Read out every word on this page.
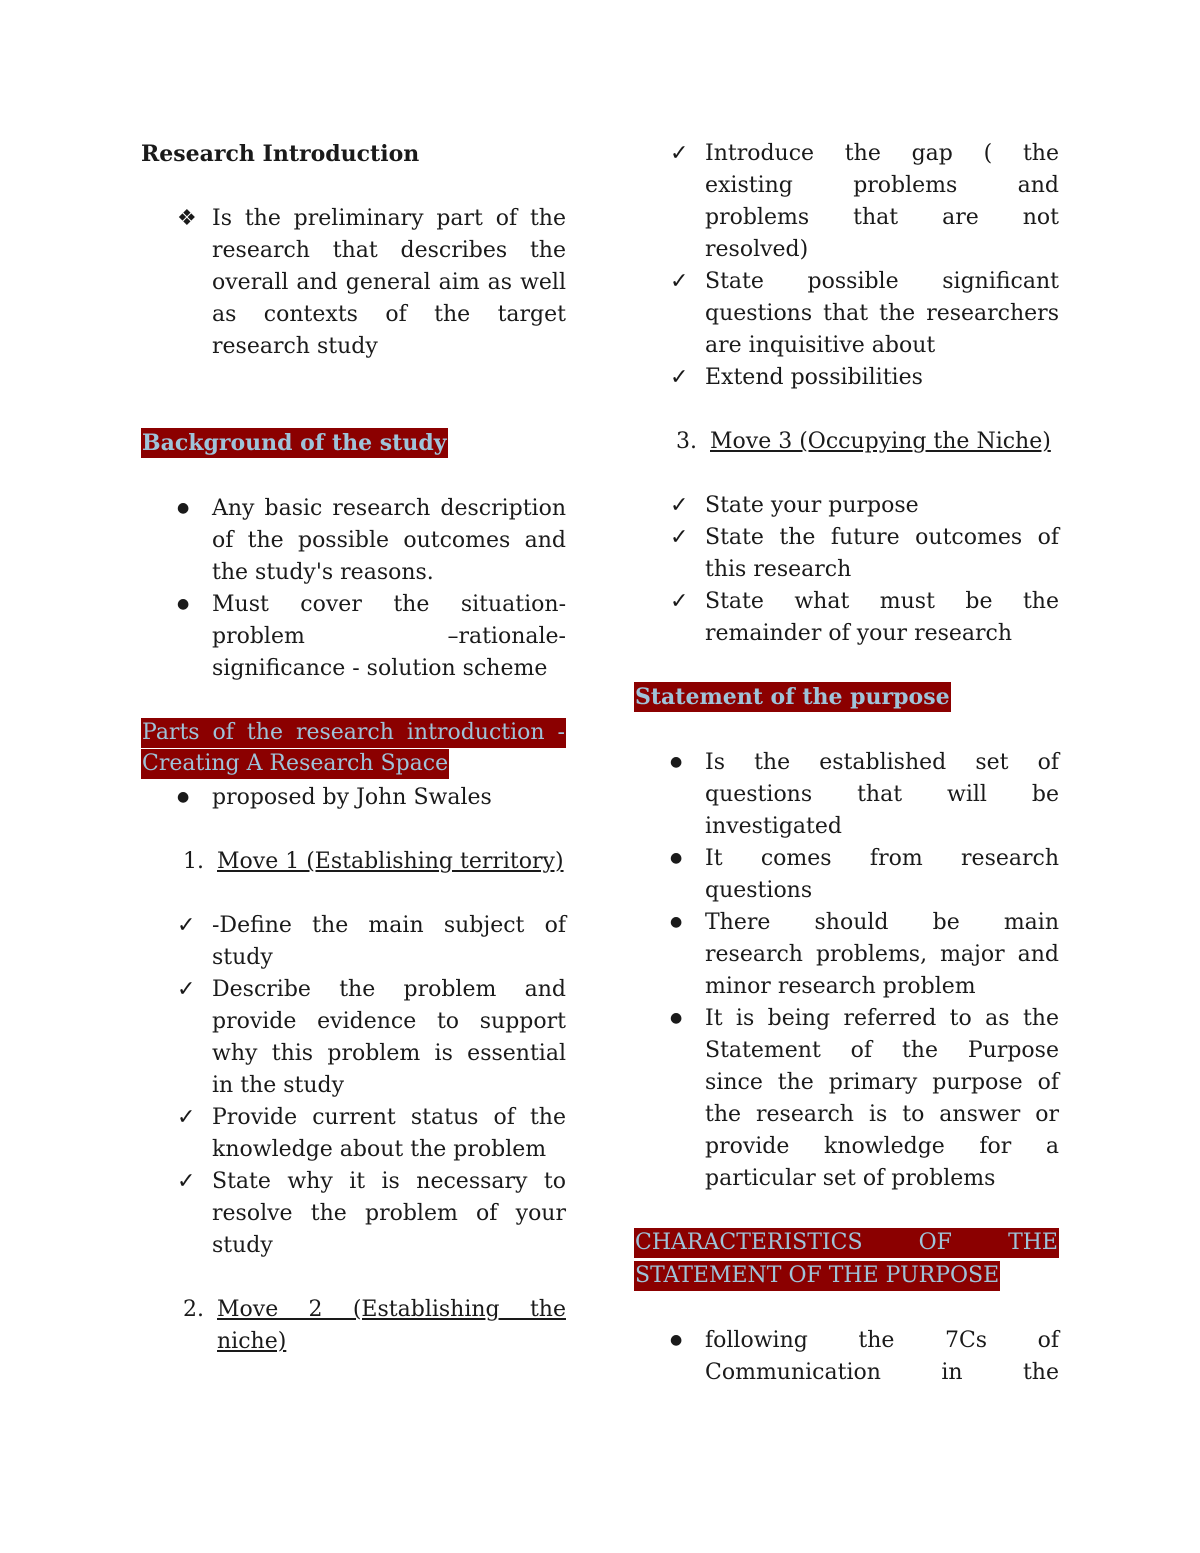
Research Introduction
❖ Is the preliminary part of the
research that describes the
overall and general aim as well
as contexts of the target
research study
Background of the study
●
Any basic research description
of the possible outcomes and
the study's reasons.
●
Must cover the situation-
problem –rationale-
significance - solution scheme
Parts of the research introduction -
Creating A Research Space
●
proposed by John Swales
1. Move 1 (Establishing territory)
✓ -Define the main subject of
study
✓ Describe the problem and
provide evidence to support
why this problem is essential
in the study
✓ Provide current status of the
knowledge about the problem
✓ State why it is necessary to
resolve the problem of your
study
2. Move 2 (Establishing the
niche)
✓ Introduce the gap ( the
existing problems and
problems that are not
resolved)
✓ State possible significant
questions that the researchers
are inquisitive about
✓ Extend possibilities
3. Move 3 (Occupying the Niche)
✓ State your purpose
✓ State the future outcomes of
this research
✓ State what must be the
remainder of your research
Statement of the purpose
●
Is the established set of
questions that will be
investigated
●
It comes from research
questions
●
There should be main
research problems, major and
minor research problem
●
It is being referred to as the
Statement of the Purpose
since the primary purpose of
the research is to answer or
provide knowledge for a
particular set of problems
CHARACTERISTICS OF THE
STATEMENT OF THE PURPOSE
●
following the 7Cs of
Communication in the
